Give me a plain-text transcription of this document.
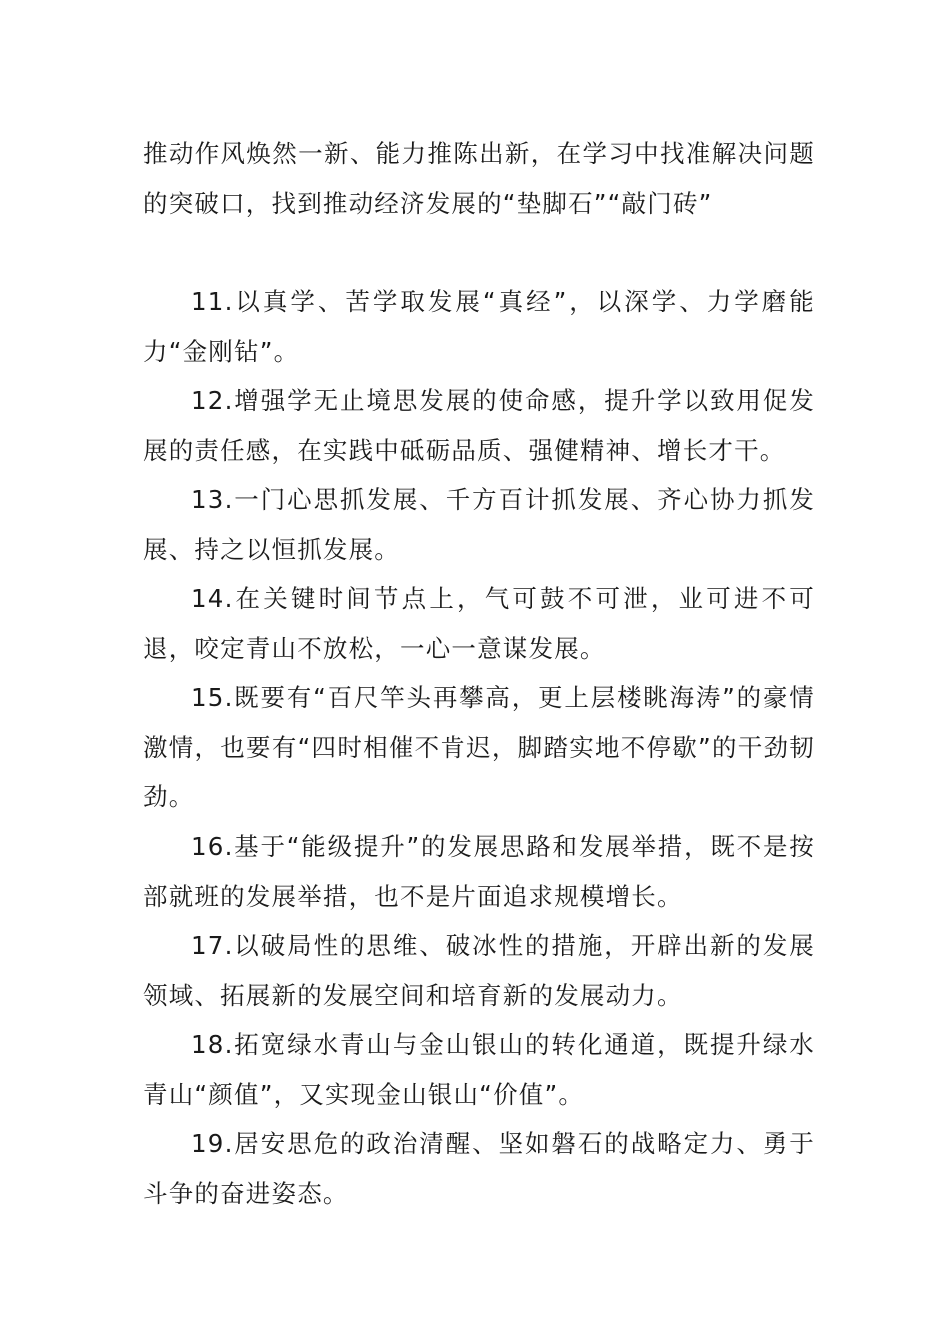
推动作风焕然一新、能力推陈出新，在学习中找准解决问题的突破口，找到推动经济发展的“垫脚石”“敲门砖”

11.以真学、苦学取发展“真经”，以深学、力学磨能力“金刚钻”。

12.增强学无止境思发展的使命感，提升学以致用促发展的责任感，在实践中砥砺品质、强健精神、增长才干。

13.一门心思抓发展、千方百计抓发展、齐心协力抓发展、持之以恒抓发展。

14.在关键时间节点上，气可鼓不可泄，业可进不可退，咬定青山不放松，一心一意谋发展。

15.既要有“百尺竿头再攀高，更上层楼眺海涛”的豪情激情，也要有“四时相催不肯迟，脚踏实地不停歇”的干劲韧劲。

16.基于“能级提升”的发展思路和发展举措，既不是按部就班的发展举措，也不是片面追求规模增长。

17.以破局性的思维、破冰性的措施，开辟出新的发展领域、拓展新的发展空间和培育新的发展动力。

18.拓宽绿水青山与金山银山的转化通道，既提升绿水青山“颜值”，又实现金山银山“价值”。

19.居安思危的政治清醒、坚如磐石的战略定力、勇于斗争的奋进姿态。
